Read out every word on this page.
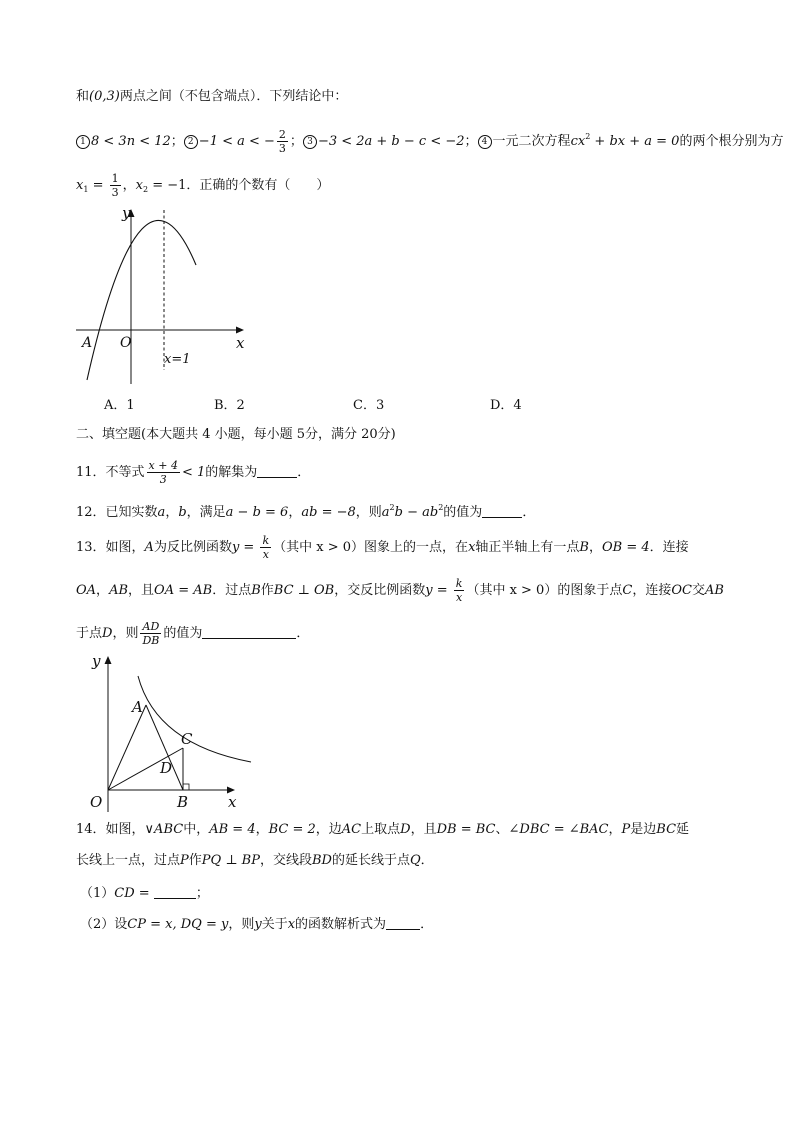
和(0,3)两点之间（不包含端点）．下列结论中：
1 8 < 3n < 12； 2 −1 < a < − $\frac{2}{3}$ ； 3 −3 < 2a + b − c < −2； 4 一元二次方程$cx^2$ + bx + a = 0的两个根分别为方
$x_1 = \frac{1}{3}$ ，$x_2 = -1$．正确的个数有（　　）
y
x
A O
x=1
A．1	B．2	C．3	D．4
二、填空题(本大题共 4 小题，每小题 5分，满分 20分)
11．不等式 $\frac{x + 4}{3} < 1$的解集为	．
12．已知实数a，b，满足a − b = 6，ab = −8，则$a^2b - ab^2$的值为	．
13．如图，A为反比例函数$y = \frac{k}{x}$ （其中 x > 0）图象上的一点，在x轴正半轴上有一点B，OB = 4．连接
OA，AB，且OA = AB．过点B作BC ⊥ OB，交反比例函数$y = \frac{k}{x}$ （其中 x > 0）的图象于点C，连接OC交AB
于点D，则 $\frac{AD}{DB}$ 的值为	．
y
x
O
A
B
C
D
14．如图，∨ABC中，AB = 4，BC = 2，边AC上取点D，且DB = BC、∠DBC = ∠BAC，P是边BC延
长线上一点，过点P作PQ ⊥ BP，交线段BD的延长线于点Q．
（1）CD =	；
（2）设CP = x, DQ = y，则y关于x的函数解析式为	．
